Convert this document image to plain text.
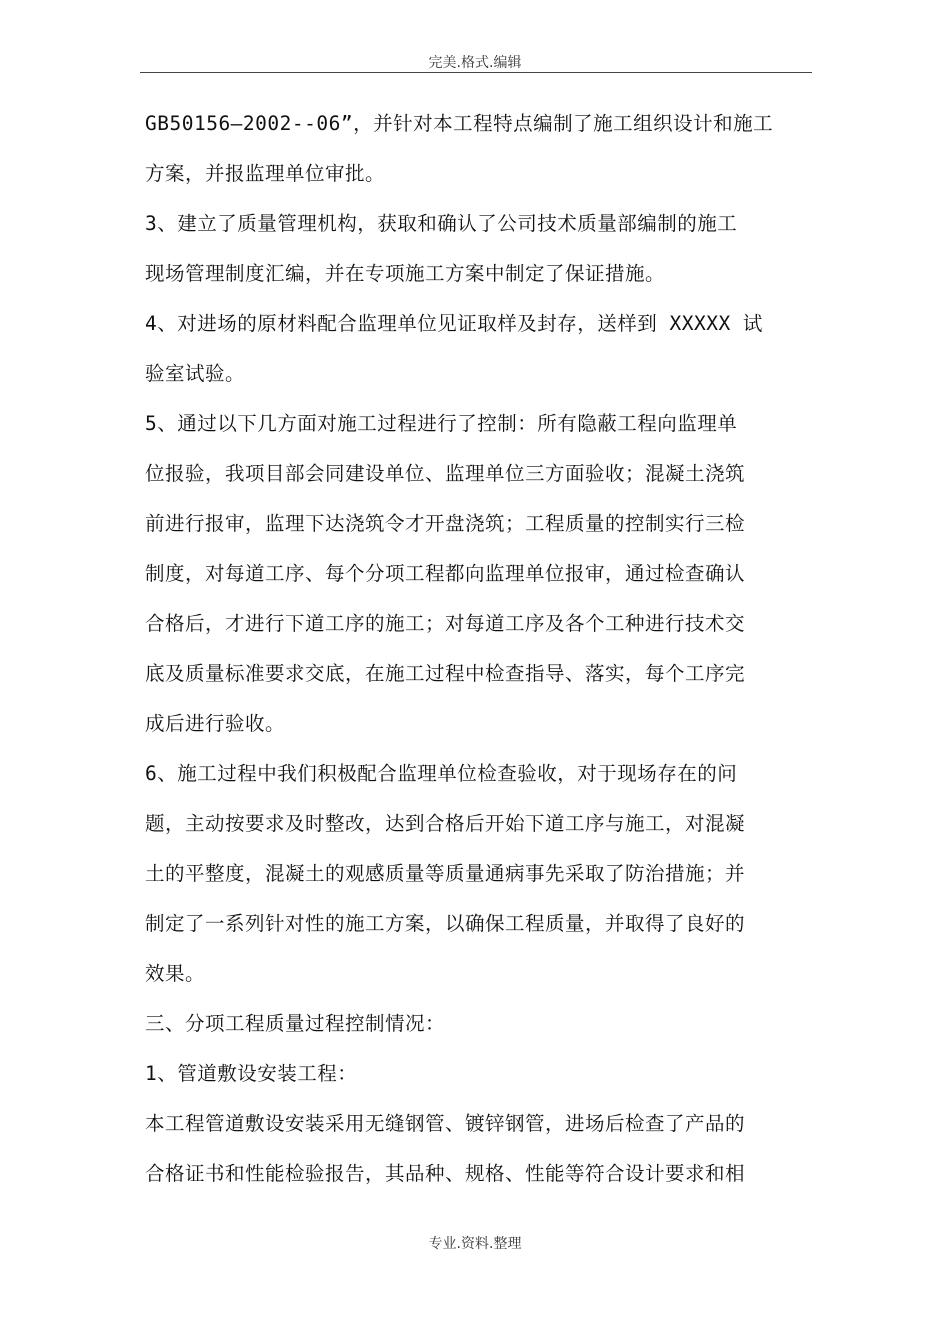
完美.格式.编辑
GB50156—2002--06”，并针对本工程特点编制了施工组织设计和施工
方案，并报监理单位审批。
3、建立了质量管理机构，获取和确认了公司技术质量部编制的施工
现场管理制度汇编，并在专项施工方案中制定了保证措施。
4、对进场的原材料配合监理单位见证取样及封存，送样到 XXXXX 试
验室试验。
5、通过以下几方面对施工过程进行了控制：所有隐蔽工程向监理单
位报验，我项目部会同建设单位、监理单位三方面验收；混凝土浇筑
前进行报审，监理下达浇筑令才开盘浇筑；工程质量的控制实行三检
制度，对每道工序、每个分项工程都向监理单位报审，通过检查确认
合格后，才进行下道工序的施工；对每道工序及各个工种进行技术交
底及质量标准要求交底，在施工过程中检查指导、落实，每个工序完
成后进行验收。
6、施工过程中我们积极配合监理单位检查验收，对于现场存在的问
题，主动按要求及时整改，达到合格后开始下道工序与施工，对混凝
土的平整度，混凝土的观感质量等质量通病事先采取了防治措施；并
制定了一系列针对性的施工方案，以确保工程质量，并取得了良好的
效果。
三、分项工程质量过程控制情况：
1、管道敷设安装工程：
本工程管道敷设安装采用无缝钢管、镀锌钢管，进场后检查了产品的
合格证书和性能检验报告，其品种、规格、性能等符合设计要求和相
专业.资料.整理
